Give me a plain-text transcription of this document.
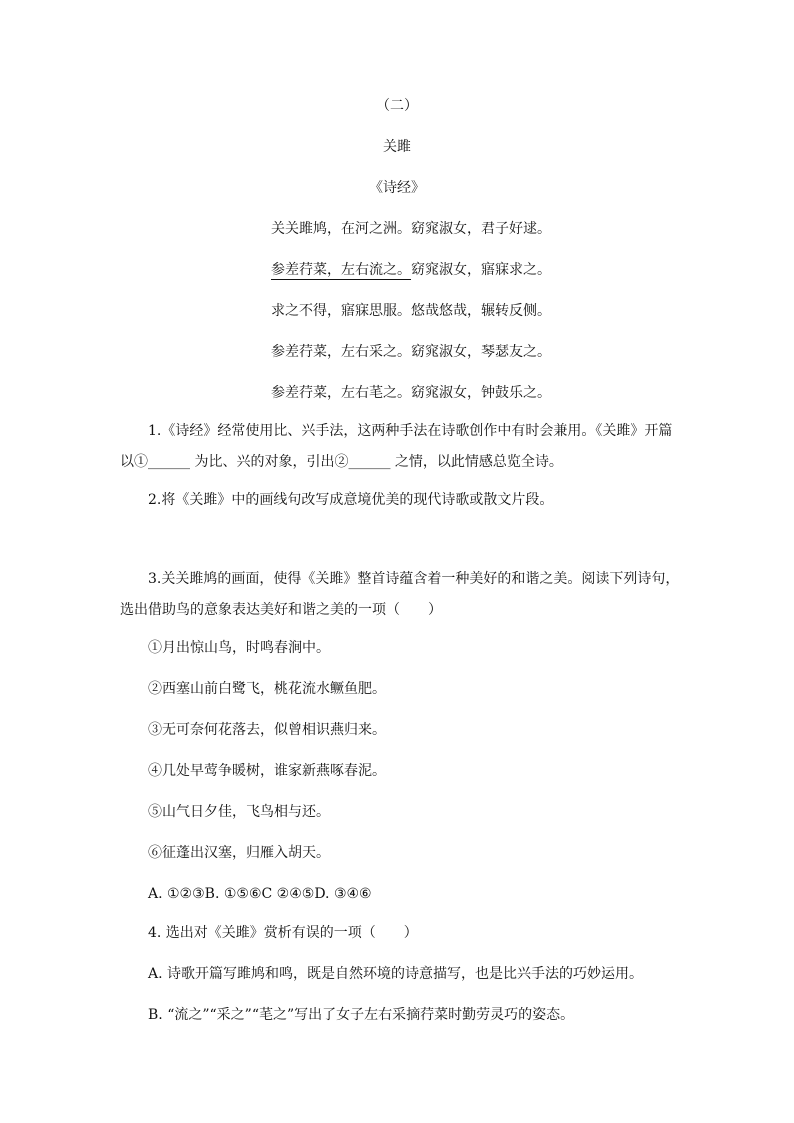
（二）
关雎
《诗经》
关关雎鸠，在河之洲。窈窕淑女，君子好逑。
参差荇菜，左右流之。窈窕淑女，寤寐求之。
求之不得，寤寐思服。悠哉悠哉，辗转反侧。
参差荇菜，左右采之。窈窕淑女，琴瑟友之。
参差荇菜，左右芼之。窈窕淑女，钟鼓乐之。

1.《诗经》经常使用比、兴手法，这两种手法在诗歌创作中有时会兼用。《关雎》开篇

以①______ 为比、兴的对象，引出②______ 之情，以此情感总览全诗。

2.将《关雎》中的画线句改写成意境优美的现代诗歌或散文片段。

3.关关雎鸠的画面，使得《关雎》整首诗蕴含着一种美好的和谐之美。阅读下列诗句，

选出借助鸟的意象表达美好和谐之美的一项（　　）

①月出惊山鸟，时鸣春涧中。
②西塞山前白鹭飞，桃花流水鳜鱼肥。
③无可奈何花落去，似曾相识燕归来。
④几处早莺争暖树，谁家新燕啄春泥。
⑤山气日夕佳，飞鸟相与还。
⑥征蓬出汉塞，归雁入胡天。
A. ①②③B. ①⑤⑥C ②④⑤D. ③④⑥
4. 选出对《关雎》赏析有误的一项（　　）
A. 诗歌开篇写雎鸠和鸣，既是自然环境的诗意描写，也是比兴手法的巧妙运用。
B. “流之”“采之”“芼之”写出了女子左右采摘荇菜时勤劳灵巧的姿态。
